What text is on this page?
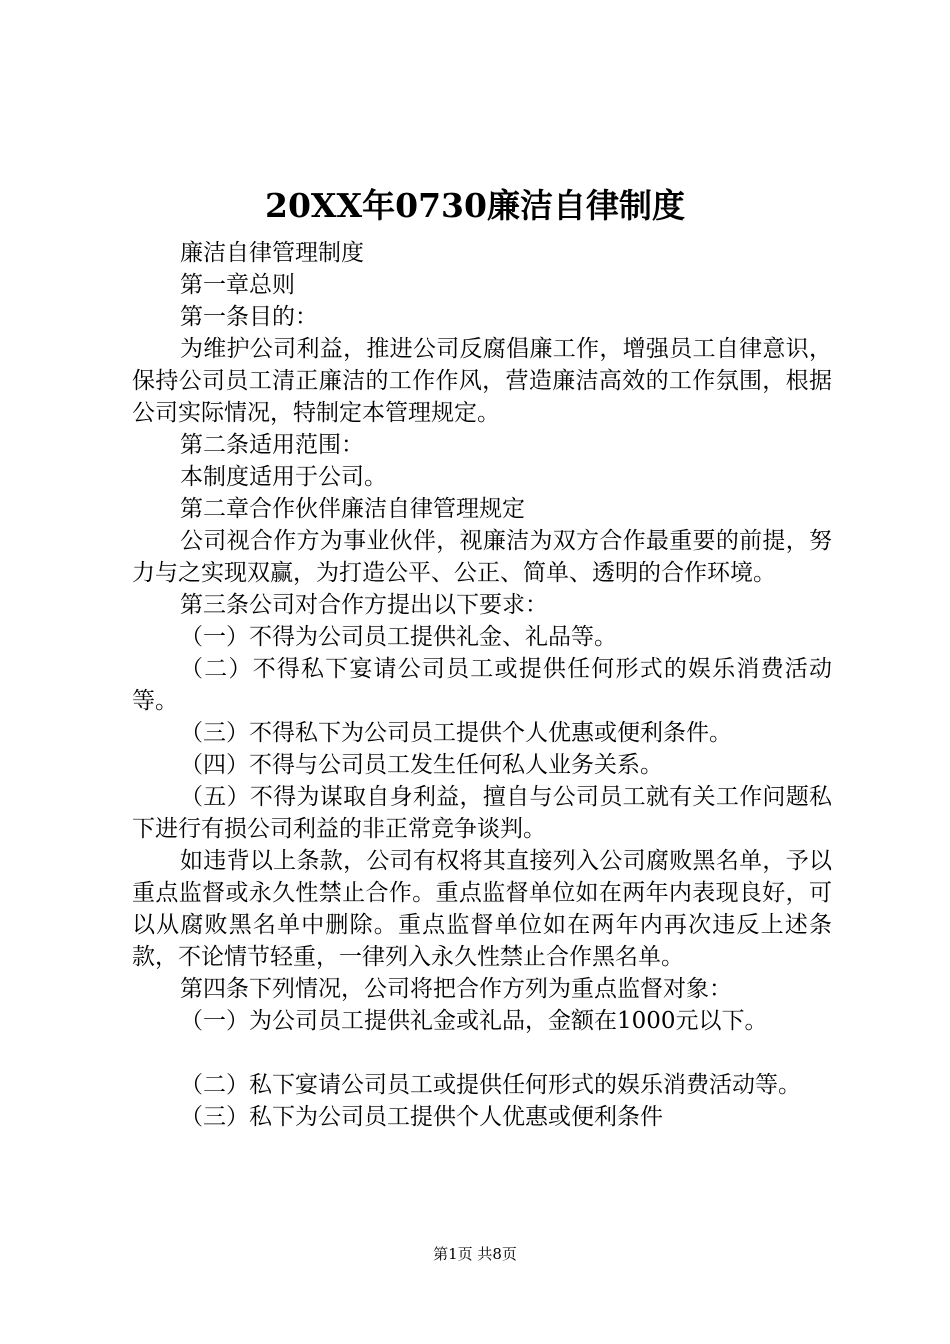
20XX年0730廉洁自律制度

廉洁自律管理制度

第一章总则

第一条目的：

为维护公司利益，推进公司反腐倡廉工作，增强员工自律意识，保持公司员工清正廉洁的工作作风，营造廉洁高效的工作氛围，根据公司实际情况，特制定本管理规定。

第二条适用范围：

本制度适用于公司。

第二章合作伙伴廉洁自律管理规定

公司视合作方为事业伙伴，视廉洁为双方合作最重要的前提，努力与之实现双赢，为打造公平、公正、简单、透明的合作环境。

第三条公司对合作方提出以下要求：

（一）不得为公司员工提供礼金、礼品等。

（二）不得私下宴请公司员工或提供任何形式的娱乐消费活动等。

（三）不得私下为公司员工提供个人优惠或便利条件。

（四）不得与公司员工发生任何私人业务关系。

（五）不得为谋取自身利益，擅自与公司员工就有关工作问题私下进行有损公司利益的非正常竞争谈判。

如违背以上条款，公司有权将其直接列入公司腐败黑名单，予以重点监督或永久性禁止合作。重点监督单位如在两年内表现良好，可以从腐败黑名单中删除。重点监督单位如在两年内再次违反上述条款，不论情节轻重，一律列入永久性禁止合作黑名单。

第四条下列情况，公司将把合作方列为重点监督对象：

（一）为公司员工提供礼金或礼品，金额在1000元以下。

（二）私下宴请公司员工或提供任何形式的娱乐消费活动等。

（三）私下为公司员工提供个人优惠或便利条件

第1页 共8页
